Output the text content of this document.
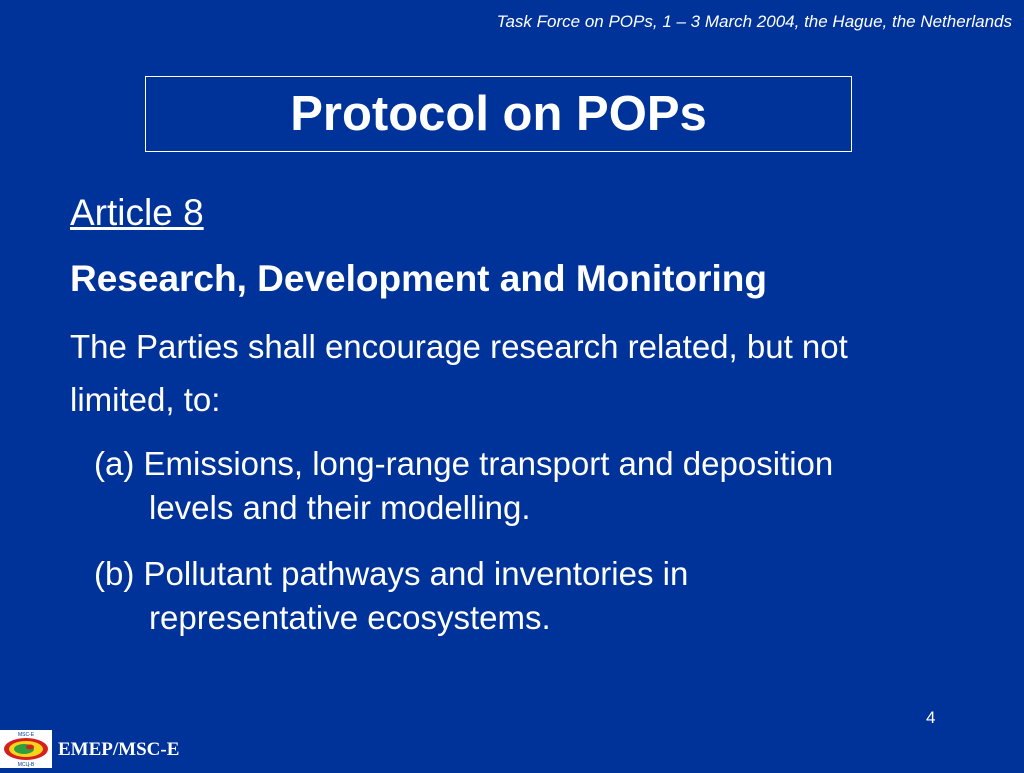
Task Force on POPs, 1 – 3 March 2004, the Hague, the Netherlands
Protocol on POPs
Article 8
Research, Development and Monitoring
The Parties shall encourage research related, but not limited, to:
(a) Emissions, long-range transport and deposition levels and their modelling.
(b) Pollutant pathways and inventories in representative ecosystems.
4
MSC-E
МСЦ-В
EMEP/MSC-E
